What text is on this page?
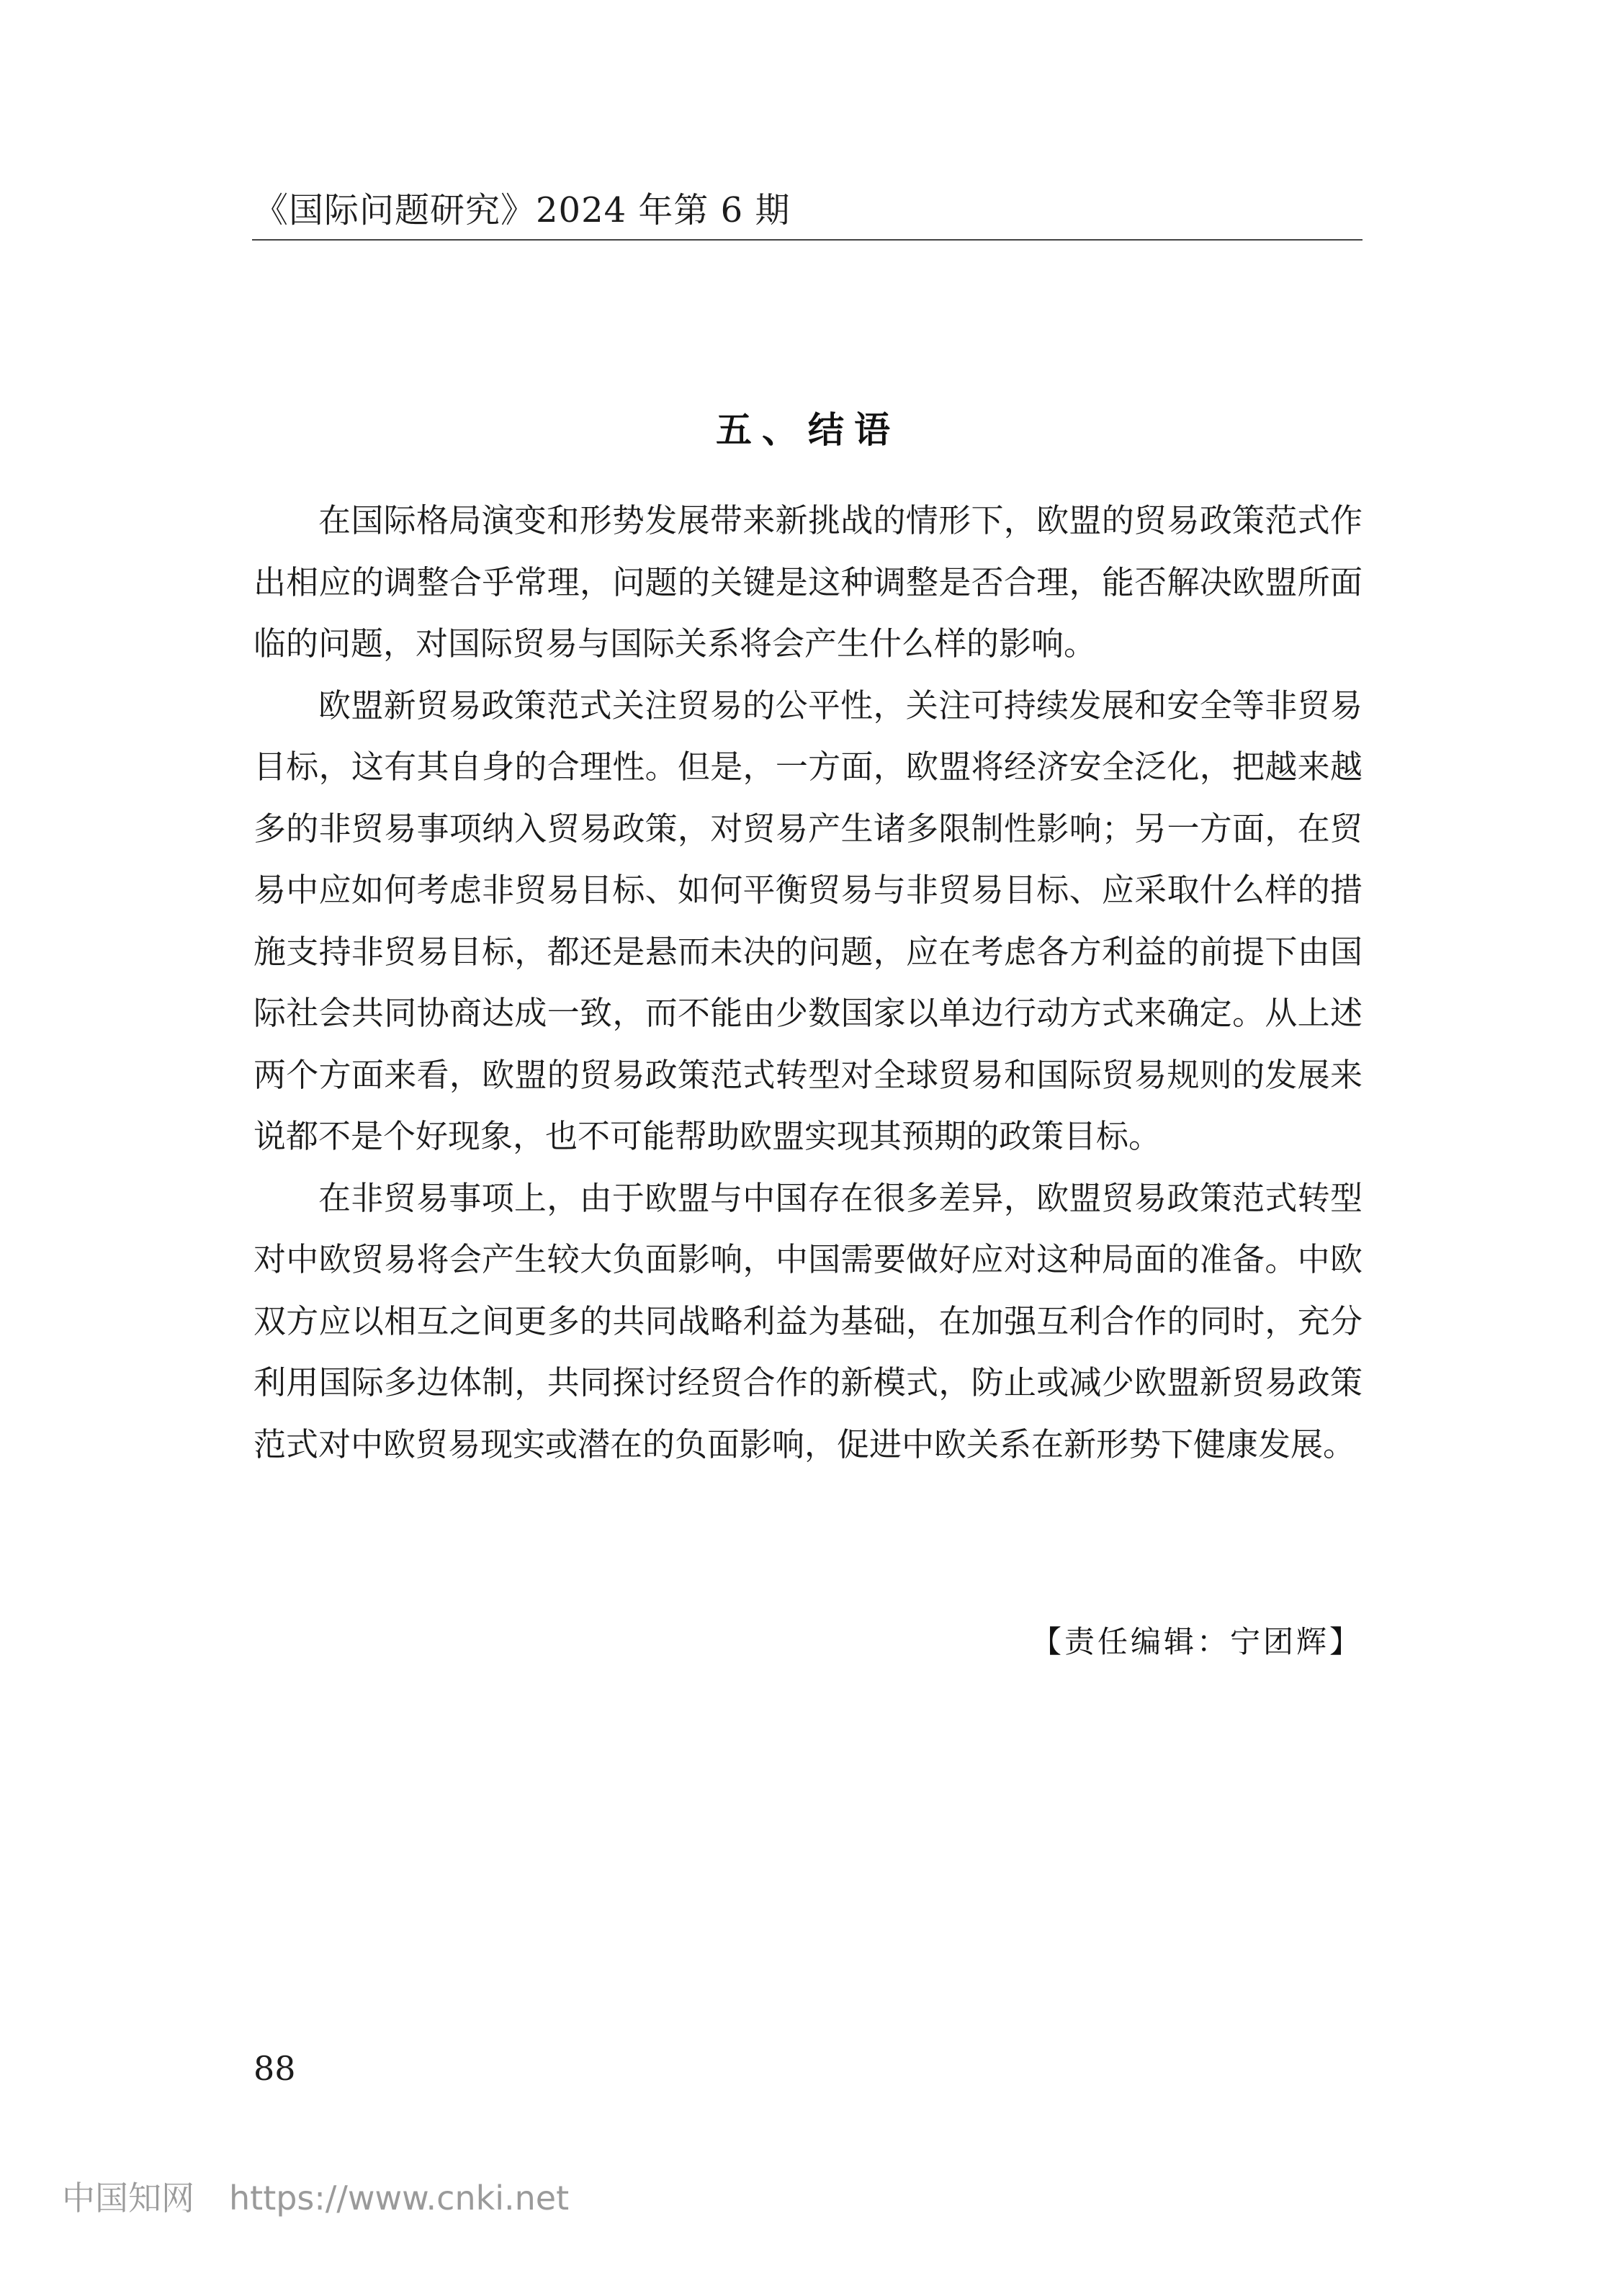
《国际问题研究》2024 年第 6 期
五、结语

在国际格局演变和形势发展带来新挑战的情形下，欧盟的贸易政策范式作出相应的调整合乎常理，问题的关键是这种调整是否合理，能否解决欧盟所面临的问题，对国际贸易与国际关系将会产生什么样的影响。

欧盟新贸易政策范式关注贸易的公平性，关注可持续发展和安全等非贸易目标，这有其自身的合理性。但是，一方面，欧盟将经济安全泛化，把越来越多的非贸易事项纳入贸易政策，对贸易产生诸多限制性影响；另一方面，在贸易中应如何考虑非贸易目标、如何平衡贸易与非贸易目标、应采取什么样的措施支持非贸易目标，都还是悬而未决的问题，应在考虑各方利益的前提下由国际社会共同协商达成一致，而不能由少数国家以单边行动方式来确定。从上述两个方面来看，欧盟的贸易政策范式转型对全球贸易和国际贸易规则的发展来说都不是个好现象，也不可能帮助欧盟实现其预期的政策目标。

在非贸易事项上，由于欧盟与中国存在很多差异，欧盟贸易政策范式转型对中欧贸易将会产生较大负面影响，中国需要做好应对这种局面的准备。中欧双方应以相互之间更多的共同战略利益为基础，在加强互利合作的同时，充分利用国际多边体制，共同探讨经贸合作的新模式，防止或减少欧盟新贸易政策范式对中欧贸易现实或潜在的负面影响，促进中欧关系在新形势下健康发展。

【责任编辑：宁团辉】
88
中国知网 https://www.cnki.net
